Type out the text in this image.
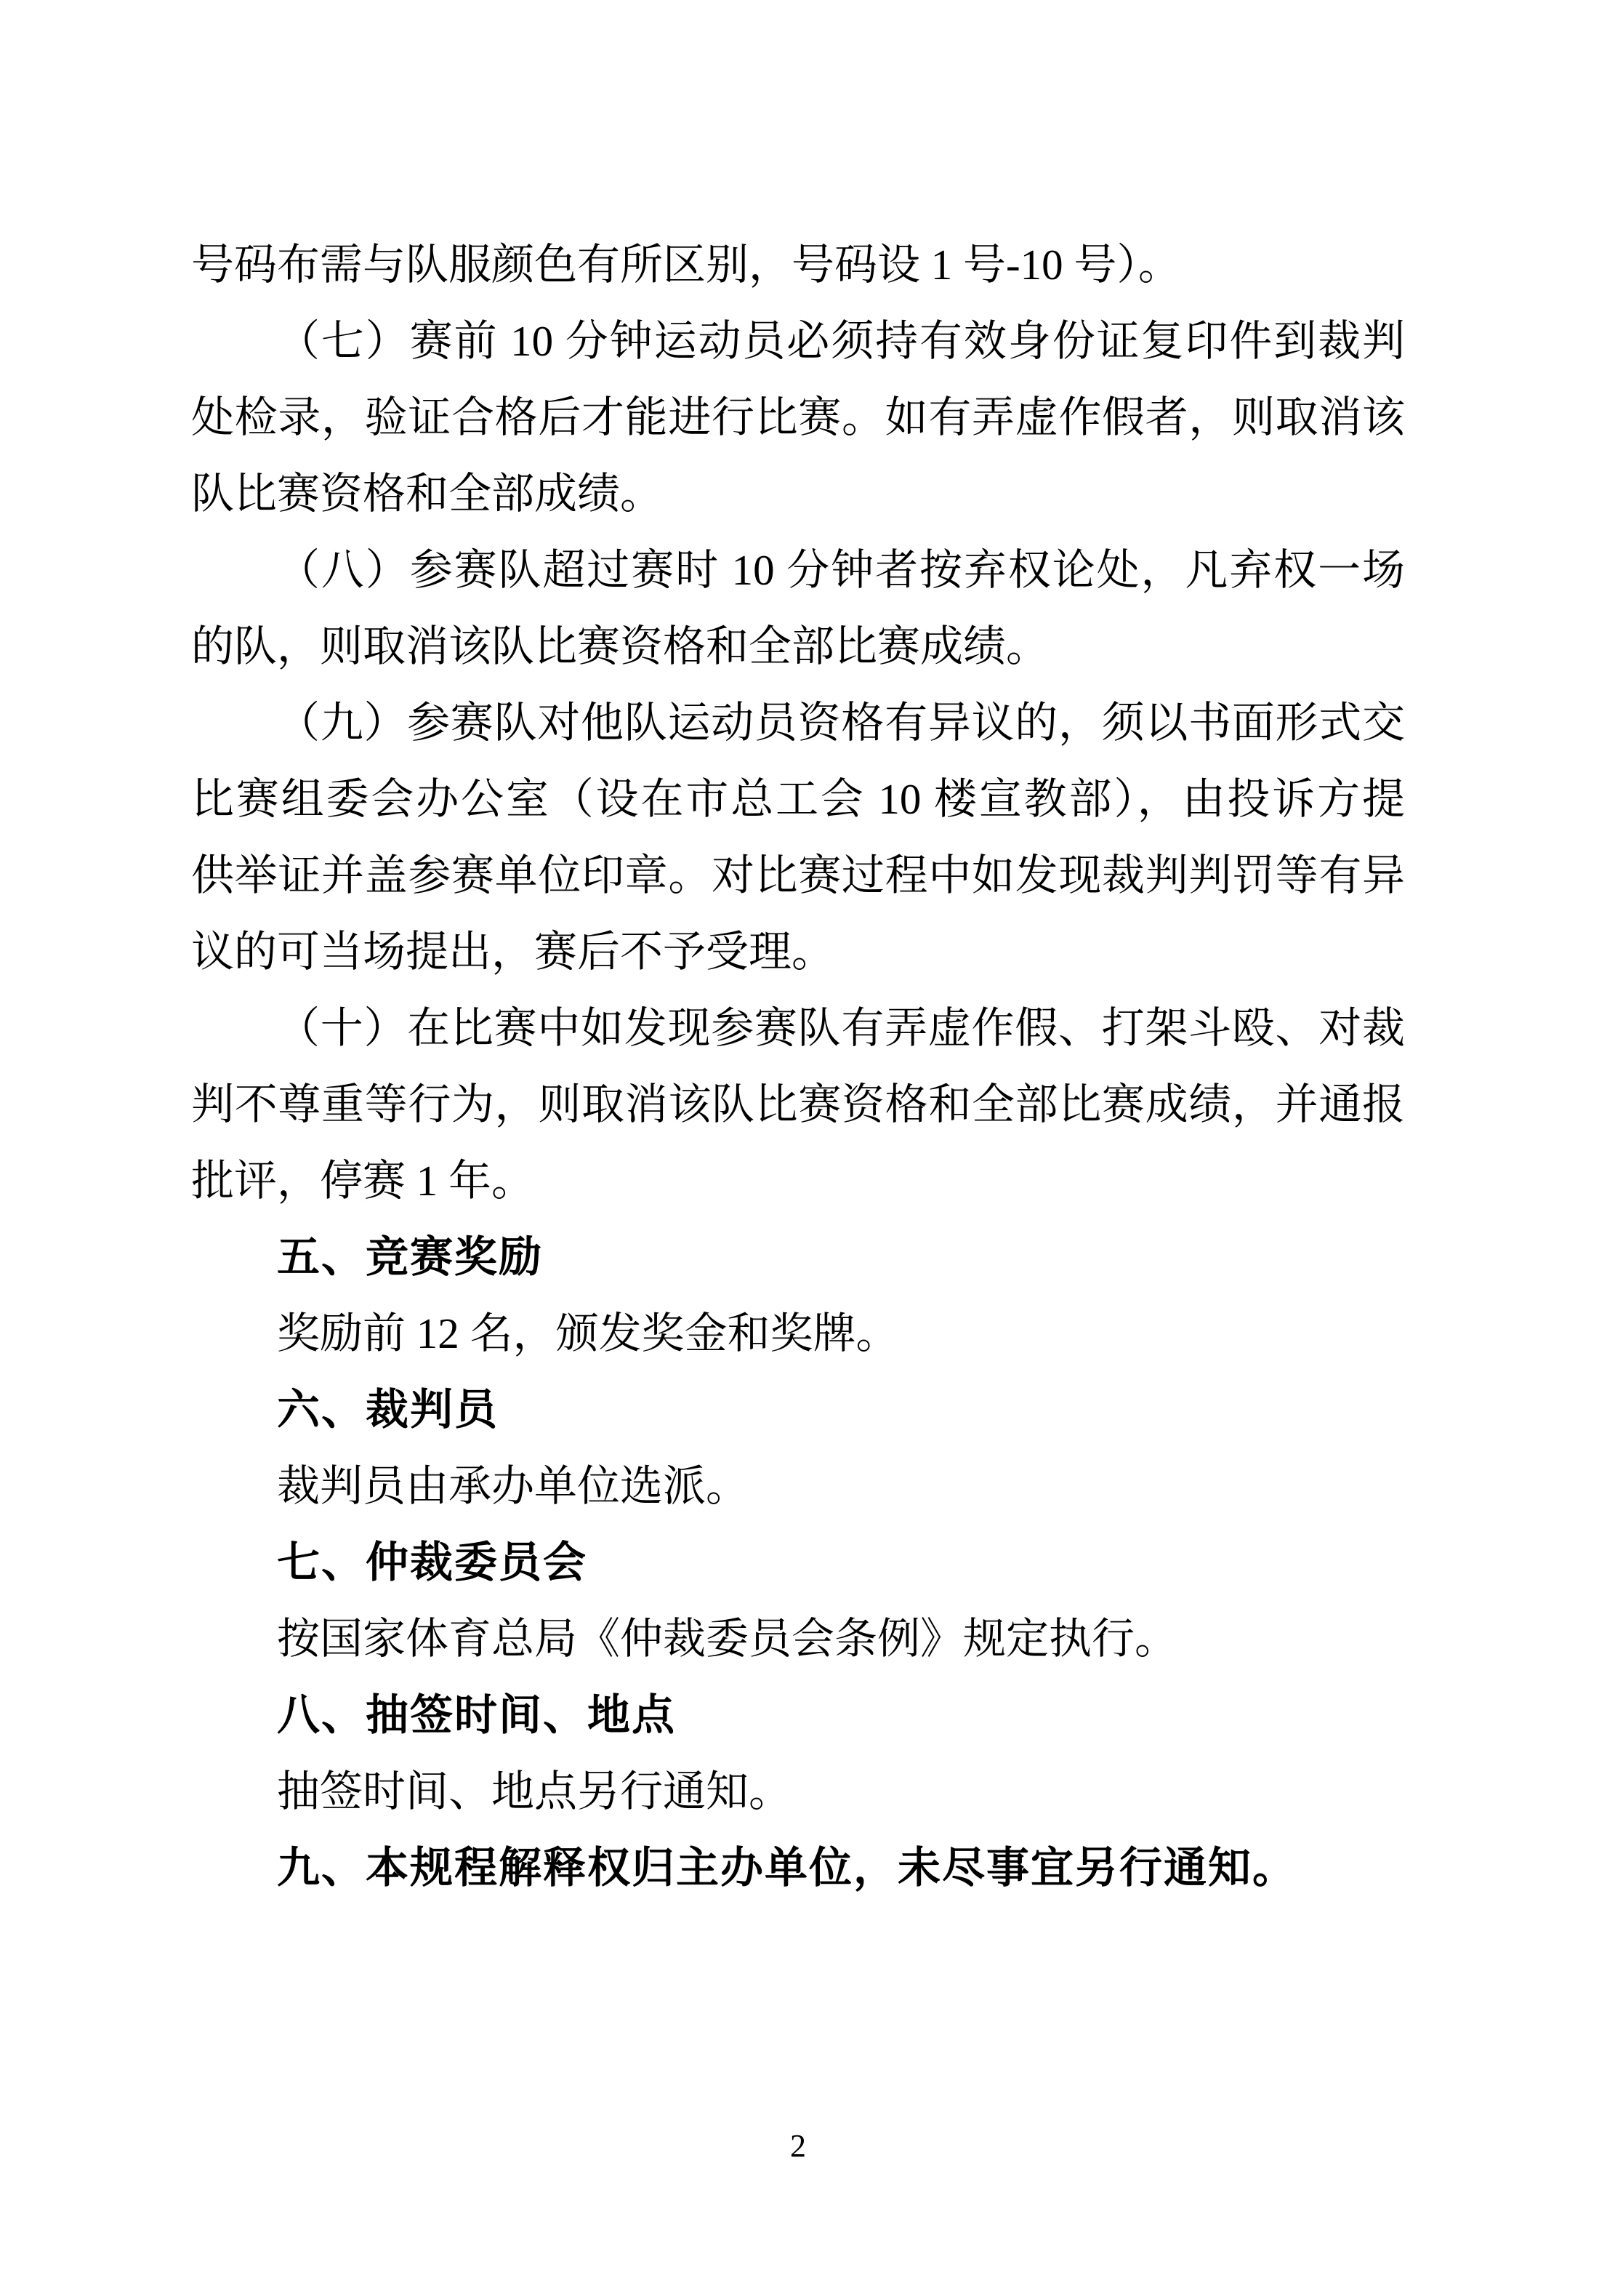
号码布需与队服颜色有所区别，号码设 1 号-10 号）。
（七）赛前 10 分钟运动员必须持有效身份证复印件到裁判
处检录，验证合格后才能进行比赛。如有弄虚作假者，则取消该
队比赛资格和全部成绩。
（八）参赛队超过赛时 10 分钟者按弃权论处，凡弃权一场
的队，则取消该队比赛资格和全部比赛成绩。
（九）参赛队对他队运动员资格有异议的，须以书面形式交
比赛组委会办公室（设在市总工会 10 楼宣教部），由投诉方提
供举证并盖参赛单位印章。对比赛过程中如发现裁判判罚等有异
议的可当场提出，赛后不予受理。
（十）在比赛中如发现参赛队有弄虚作假、打架斗殴、对裁
判不尊重等行为，则取消该队比赛资格和全部比赛成绩，并通报
批评，停赛 1 年。
五、竞赛奖励
奖励前 12 名，颁发奖金和奖牌。
六、裁判员
裁判员由承办单位选派。
七、仲裁委员会
按国家体育总局《仲裁委员会条例》规定执行。
八、抽签时间、地点
抽签时间、地点另行通知。
九、本规程解释权归主办单位，未尽事宜另行通知。
2
